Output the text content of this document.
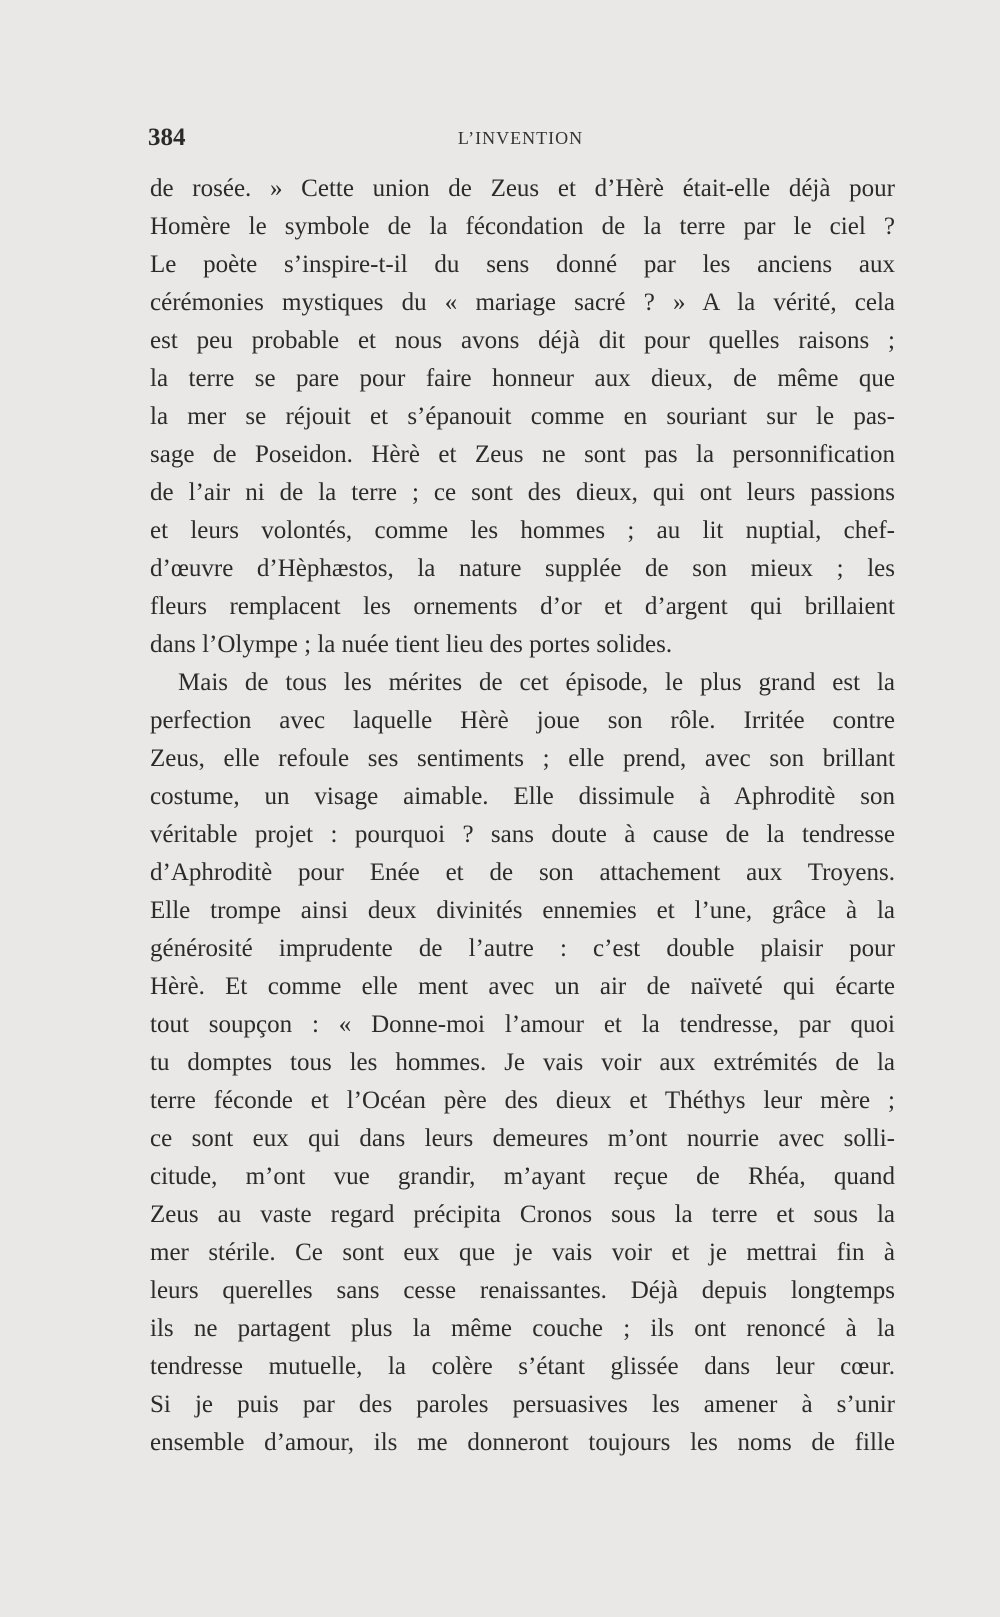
384	L’INVENTION
de rosée. » Cette union de Zeus et d’Hèrè était-elle déjà pour
Homère le symbole de la fécondation de la terre par le ciel ?
Le poète s’inspire-t-il du sens donné par les anciens aux
cérémonies mystiques du « mariage sacré ? » A la vérité, cela
est peu probable et nous avons déjà dit pour quelles raisons ;
la terre se pare pour faire honneur aux dieux, de même que
la mer se réjouit et s’épanouit comme en souriant sur le pas-
sage de Poseidon. Hèrè et Zeus ne sont pas la personnification
de l’air ni de la terre ; ce sont des dieux, qui ont leurs passions
et leurs volontés, comme les hommes ; au lit nuptial, chef-
d’œuvre d’Hèphæstos, la nature supplée de son mieux ; les
fleurs remplacent les ornements d’or et d’argent qui brillaient
dans l’Olympe ; la nuée tient lieu des portes solides.
Mais de tous les mérites de cet épisode, le plus grand est la
perfection avec laquelle Hèrè joue son rôle. Irritée contre
Zeus, elle refoule ses sentiments ; elle prend, avec son brillant
costume, un visage aimable. Elle dissimule à Aphroditè son
véritable projet : pourquoi ? sans doute à cause de la tendresse
d’Aphroditè pour Enée et de son attachement aux Troyens.
Elle trompe ainsi deux divinités ennemies et l’une, grâce à la
générosité imprudente de l’autre : c’est double plaisir pour
Hèrè. Et comme elle ment avec un air de naïveté qui écarte
tout soupçon : « Donne-moi l’amour et la tendresse, par quoi
tu domptes tous les hommes. Je vais voir aux extrémités de la
terre féconde et l’Océan père des dieux et Théthys leur mère ;
ce sont eux qui dans leurs demeures m’ont nourrie avec solli-
citude, m’ont vue grandir, m’ayant reçue de Rhéa, quand
Zeus au vaste regard précipita Cronos sous la terre et sous la
mer stérile. Ce sont eux que je vais voir et je mettrai fin à
leurs querelles sans cesse renaissantes. Déjà depuis longtemps
ils ne partagent plus la même couche ; ils ont renoncé à la
tendresse mutuelle, la colère s’étant glissée dans leur cœur.
Si je puis par des paroles persuasives les amener à s’unir
ensemble d’amour, ils me donneront toujours les noms de fille
